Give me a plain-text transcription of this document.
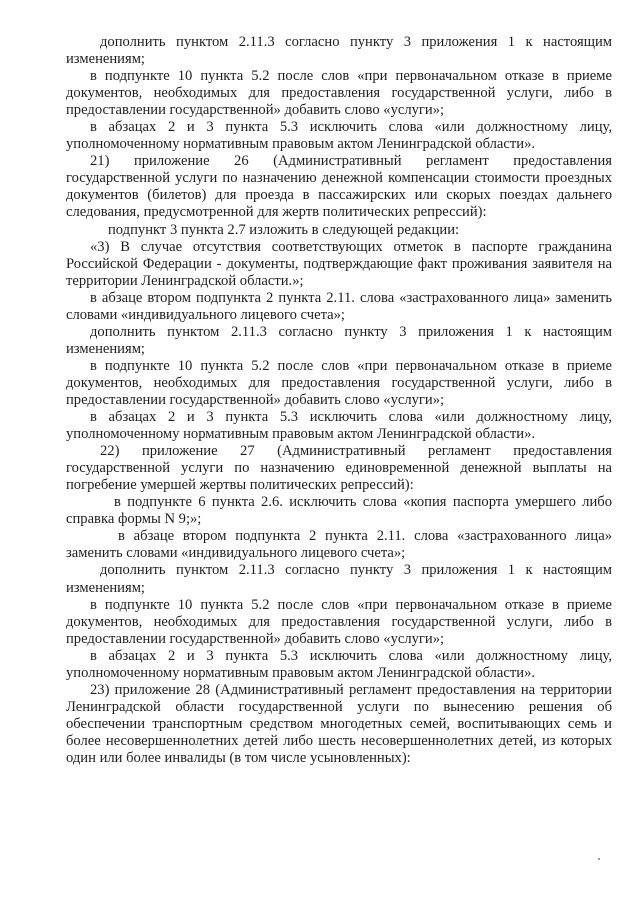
дополнить пунктом 2.11.3 согласно пункту 3 приложения 1 к настоящим изменениям;

в подпункте 10 пункта 5.2 после слов «при первоначальном отказе в приеме документов, необходимых для предоставления государственной услуги, либо в предоставлении государственной» добавить слово «услуги»;

в абзацах 2 и 3 пункта 5.3 исключить слова «или должностному лицу, уполномоченному нормативным правовым актом Ленинградской области».

21) приложение 26 (Административный регламент предоставления государственной услуги по назначению денежной компенсации стоимости проездных документов (билетов) для проезда в пассажирских или скорых поездах дальнего следования, предусмотренной для жертв политических репрессий):

подпункт 3 пункта 2.7 изложить в следующей редакции:

«3) В случае отсутствия соответствующих отметок в паспорте гражданина Российской Федерации - документы, подтверждающие факт проживания заявителя на территории Ленинградской области.»;

в абзаце втором подпункта 2 пункта 2.11. слова «застрахованного лица» заменить словами «индивидуального лицевого счета»;

дополнить пунктом 2.11.3 согласно пункту 3 приложения 1 к настоящим изменениям;

в подпункте 10 пункта 5.2 после слов «при первоначальном отказе в приеме документов, необходимых для предоставления государственной услуги, либо в предоставлении государственной» добавить слово «услуги»;

в абзацах 2 и 3 пункта 5.3 исключить слова «или должностному лицу, уполномоченному нормативным правовым актом Ленинградской области».

22) приложение 27 (Административный регламент предоставления государственной услуги по назначению единовременной денежной выплаты на погребение умершей жертвы политических репрессий):

в подпункте 6 пункта 2.6. исключить слова «копия паспорта умершего либо справка формы N 9;»;

в абзаце втором подпункта 2 пункта 2.11. слова «застрахованного лица» заменить словами «индивидуального лицевого счета»;

дополнить пунктом 2.11.3 согласно пункту 3 приложения 1 к настоящим изменениям;

в подпункте 10 пункта 5.2 после слов «при первоначальном отказе в приеме документов, необходимых для предоставления государственной услуги, либо в предоставлении государственной» добавить слово «услуги»;

в абзацах 2 и 3 пункта 5.3 исключить слова «или должностному лицу, уполномоченному нормативным правовым актом Ленинградской области».

23) приложение 28 (Административный регламент предоставления на территории Ленинградской области государственной услуги по вынесению решения об обеспечении транспортным средством многодетных семей, воспитывающих семь и более несовершеннолетних детей либо шесть несовершеннолетних детей, из которых один или более инвалиды (в том числе усыновленных):
